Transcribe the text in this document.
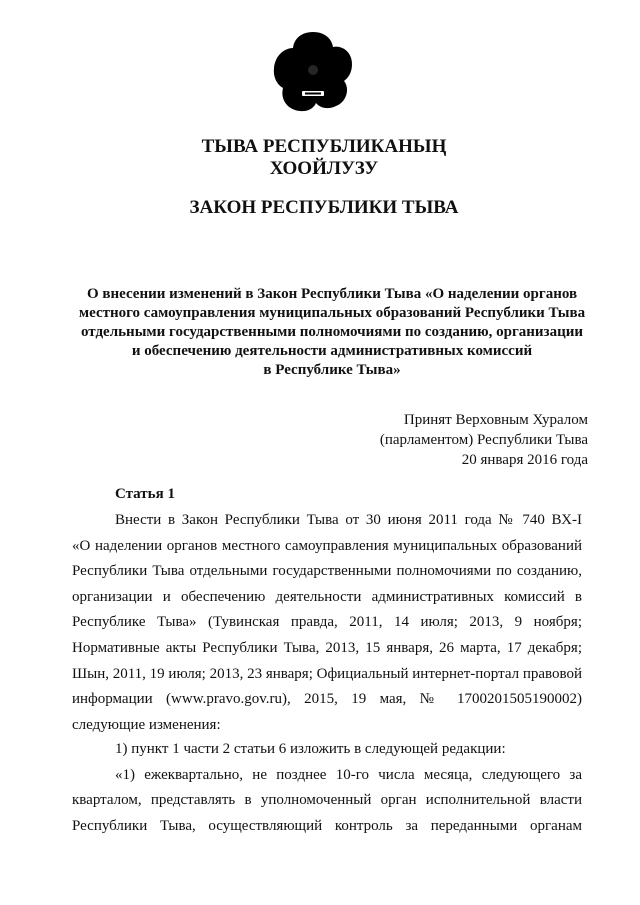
ТЫВА РЕСПУБЛИКАНЫҢ
ХООЙЛУЗУ
ЗАКОН РЕСПУБЛИКИ ТЫВА
О внесении изменений в Закон Республики Тыва «О наделении органов
местного самоуправления муниципальных образований Республики Тыва
отдельными государственными полномочиями по созданию, организации
и обеспечению деятельности административных комиссий
в Республике Тыва»
Принят Верховным Хуралом
(парламентом) Республики Тыва
20 января 2016 года
Статья 1
Внести в Закон Республики Тыва от 30 июня 2011 года № 740 ВХ-I
«О наделении органов местного самоуправления муниципальных образований
Республики Тыва отдельными государственными полномочиями по созданию,
организации и обеспечению деятельности административных комиссий в
Республике Тыва» (Тувинская правда, 2011, 14 июля; 2013, 9 ноября;
Нормативные акты Республики Тыва, 2013, 15 января, 26 марта, 17 декабря;
Шын, 2011, 19 июля; 2013, 23 января; Официальный интернет-портал правовой
информации (www.pravo.gov.ru), 2015, 19 мая, № 1700201505190002)
следующие изменения:
1) пункт 1 части 2 статьи 6 изложить в следующей редакции:
«1) ежеквартально, не позднее 10-го числа месяца, следующего за
кварталом, представлять в уполномоченный орган исполнительной власти
Республики Тыва, осуществляющий контроль за переданными органам
